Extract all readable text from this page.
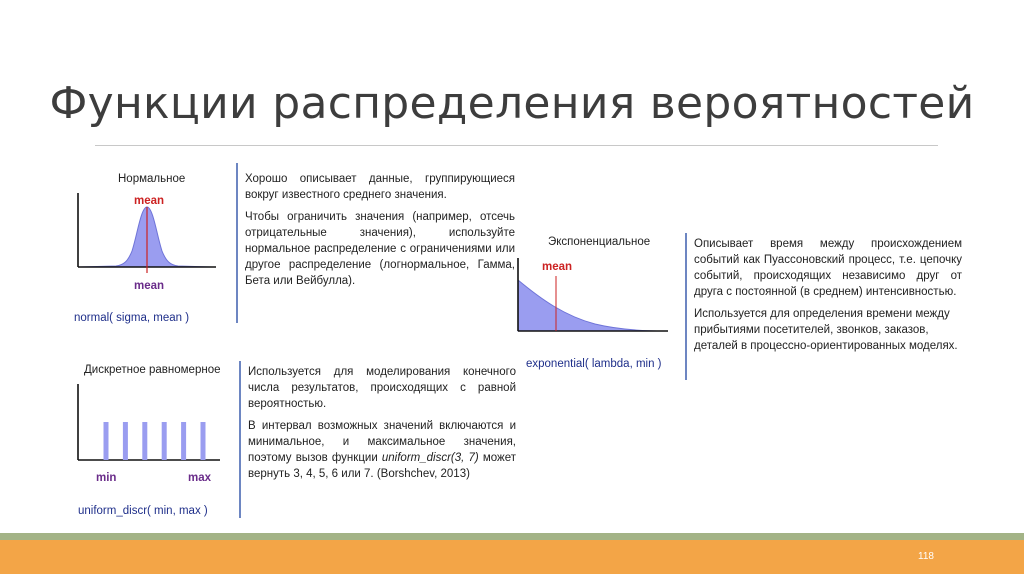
Функции распределения вероятностей
Нормальное
mean
mean
normal( sigma, mean )

Хорошо описывает данные, группирующиеся вокруг известного среднего значения.

Чтобы ограничить значения (например, отсечь отрицательные значения), используйте нормальное распределение с ограничениями или другое распределение (логнормальное, Гамма, Бета или Вейбулла).

Экспоненциальное
mean
exponential( lambda, min )

Описывает время между происхождением событий как Пуассоновский процесс, т.е. цепочку событий, происходящих независимо друг от друга с постоянной (в среднем) интенсивностью.

Используется для определения времени между прибытиями посетителей, звонков, заказов, деталей в процессно-ориентированных моделях.

Дискретное равномерное
min	max
uniform_discr( min, max )

Используется для моделирования конечного числа результатов, происходящих с равной вероятностью.

В интервал возможных значений включаются и минимальное, и максимальное значения, поэтому вызов функции uniform_discr(3, 7) может вернуть 3, 4, 5, 6 или 7. (Borshchev, 2013)

118
